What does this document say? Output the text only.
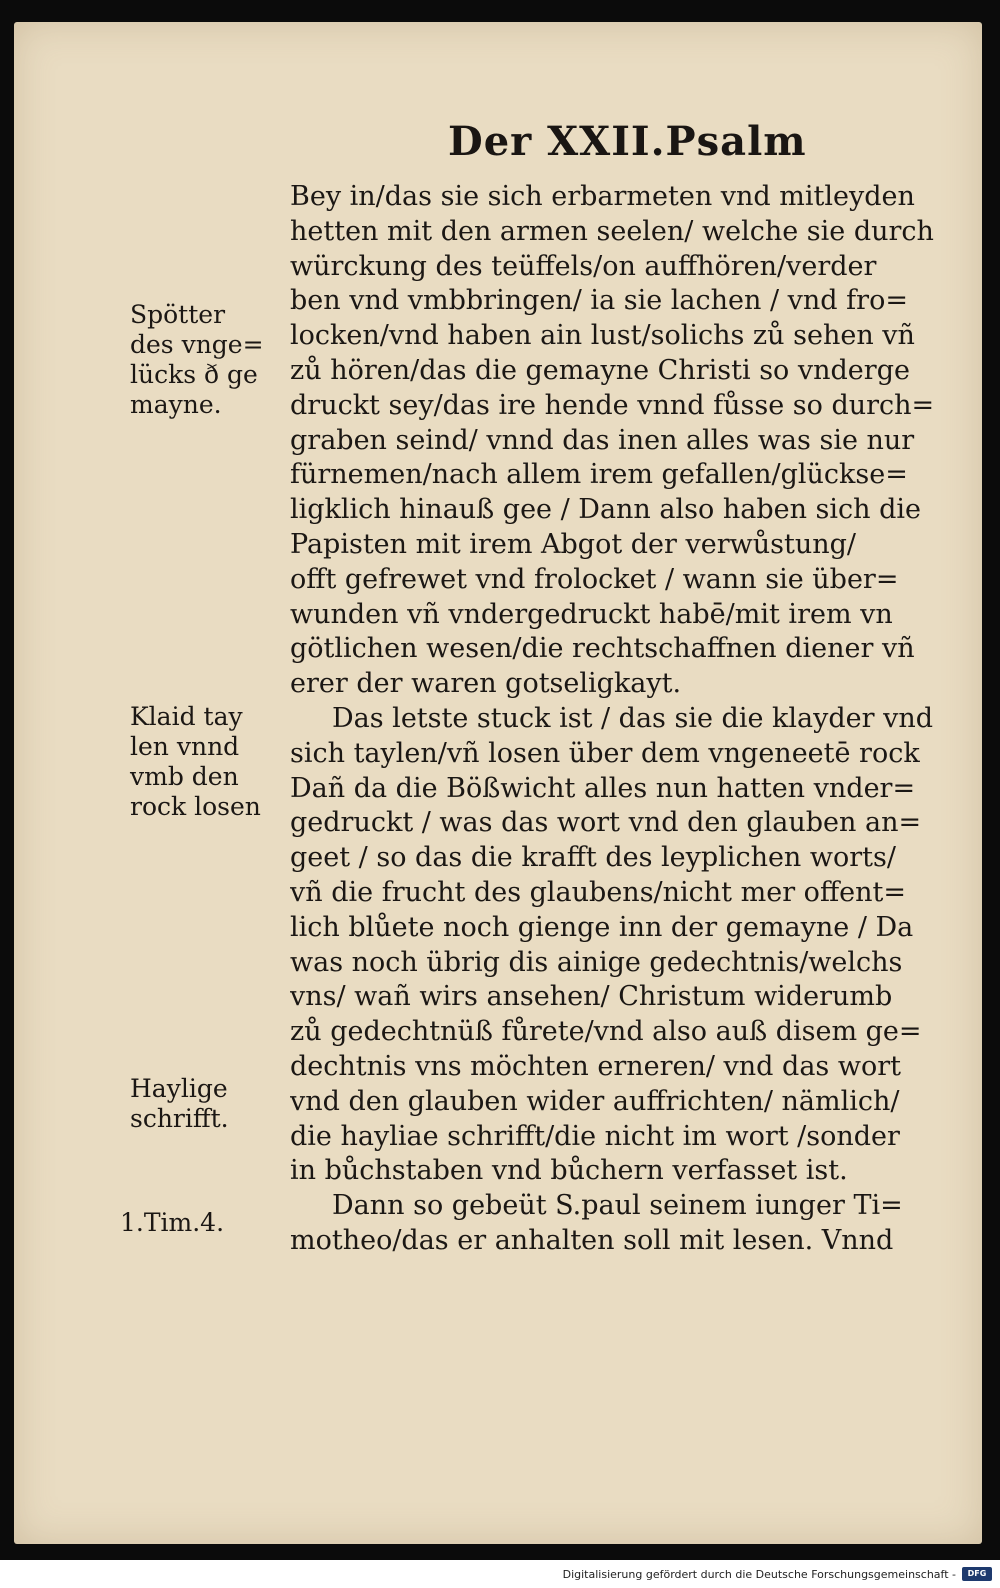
Der XXII.Psalm
Bey in/das sie sich erbarmeten vnd mitleyden
hetten mit den armen seelen/ welche sie durch
würckung des teüffels/on auffhören/verder
ben vnd vmbbringen/ ia sie lachen / vnd fro=
locken/vnd haben ain lust/solichs zů sehen vñ
zů hören/das die gemayne Christi so vnderge
druckt sey/das ire hende vnnd fůsse so durch=
graben seind/ vnnd das inen alles was sie nur
fürnemen/nach allem irem gefallen/glückse=
ligklich hinauß gee / Dann also haben sich die
Papisten mit irem Abgot der verwůstung/
offt gefrewet vnd frolocket / wann sie über=
wunden vñ vndergedruckt habē/mit irem vn
götlichen wesen/die rechtschaffnen diener vñ
erer der waren gotseligkayt.
Das letste stuck ist / das sie die klayder vnd
sich taylen/vñ losen über dem vngeneetē rock
Dañ da die Bößwicht alles nun hatten vnder=
gedruckt / was das wort vnd den glauben an=
geet / so das die krafft des leyplichen worts/
vñ die frucht des glaubens/nicht mer offent=
lich blůete noch gienge inn der gemayne / Da
was noch übrig dis ainige gedechtnis/welchs
vns/ wañ wirs ansehen/ Christum widerumb
zů gedechtnüß fůrete/vnd also auß disem ge=
dechtnis vns möchten erneren/ vnd das wort
vnd den glauben wider auffrichten/ nämlich/
die hayliae schrifft/die nicht im wort /sonder
in bůchstaben vnd bůchern verfasset ist.
Dann so gebeüt S.paul seinem iunger Ti=
motheo/das er anhalten soll mit lesen. Vnnd
Spötter
des vnge=
lücks ð ge
mayne.
Klaid tay
len vnnd
vmb den
rock losen
Haylige
schrifft.
1.Tim.4.
Digitalisierung gefördert durch die Deutsche Forschungsgemeinschaft -	DFG
